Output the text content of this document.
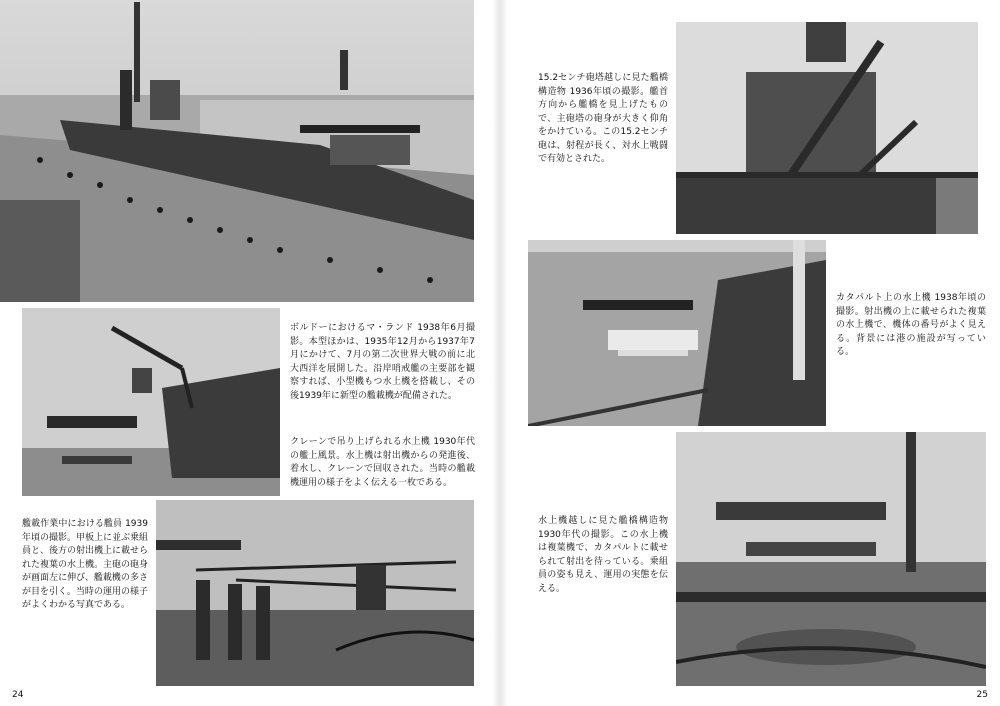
ボルドーにおけるマ・ランド 1938年6月撮影。本型ほかは、1935年12月から1937年7月にかけて、7月の第二次世界大戦の前に北大西洋を展開した。沿岸哨戒艦の主要部を観察すれば、小型機もつ水上機を搭載し、その後1939年に新型の艦載機が配備された。

クレーンで吊り上げられる水上機 1930年代の艦上風景。水上機は射出機からの発進後、着水し、クレーンで回収された。当時の艦載機運用の様子をよく伝える一枚である。

艦載作業中における艦員 1939年頃の撮影。甲板上に並ぶ乗組員と、後方の射出機上に載せられた複葉の水上機。主砲の砲身が画面左に伸び、艦載機の多さが目を引く。当時の運用の様子がよくわかる写真である。

24

15.2センチ砲塔越しに見た艦橋構造物 1936年頃の撮影。艦首方向から艦橋を見上げたもので、主砲塔の砲身が大きく仰角をかけている。この15.2センチ砲は、射程が長く、対水上戦闘で有効とされた。

カタパルト上の水上機 1938年頃の撮影。射出機の上に載せられた複葉の水上機で、機体の番号がよく見える。背景には港の施設が写っている。

水上機越しに見た艦橋構造物 1930年代の撮影。この水上機は複葉機で、カタパルトに載せられて射出を待っている。乗組員の姿も見え、運用の実態を伝える。

25
